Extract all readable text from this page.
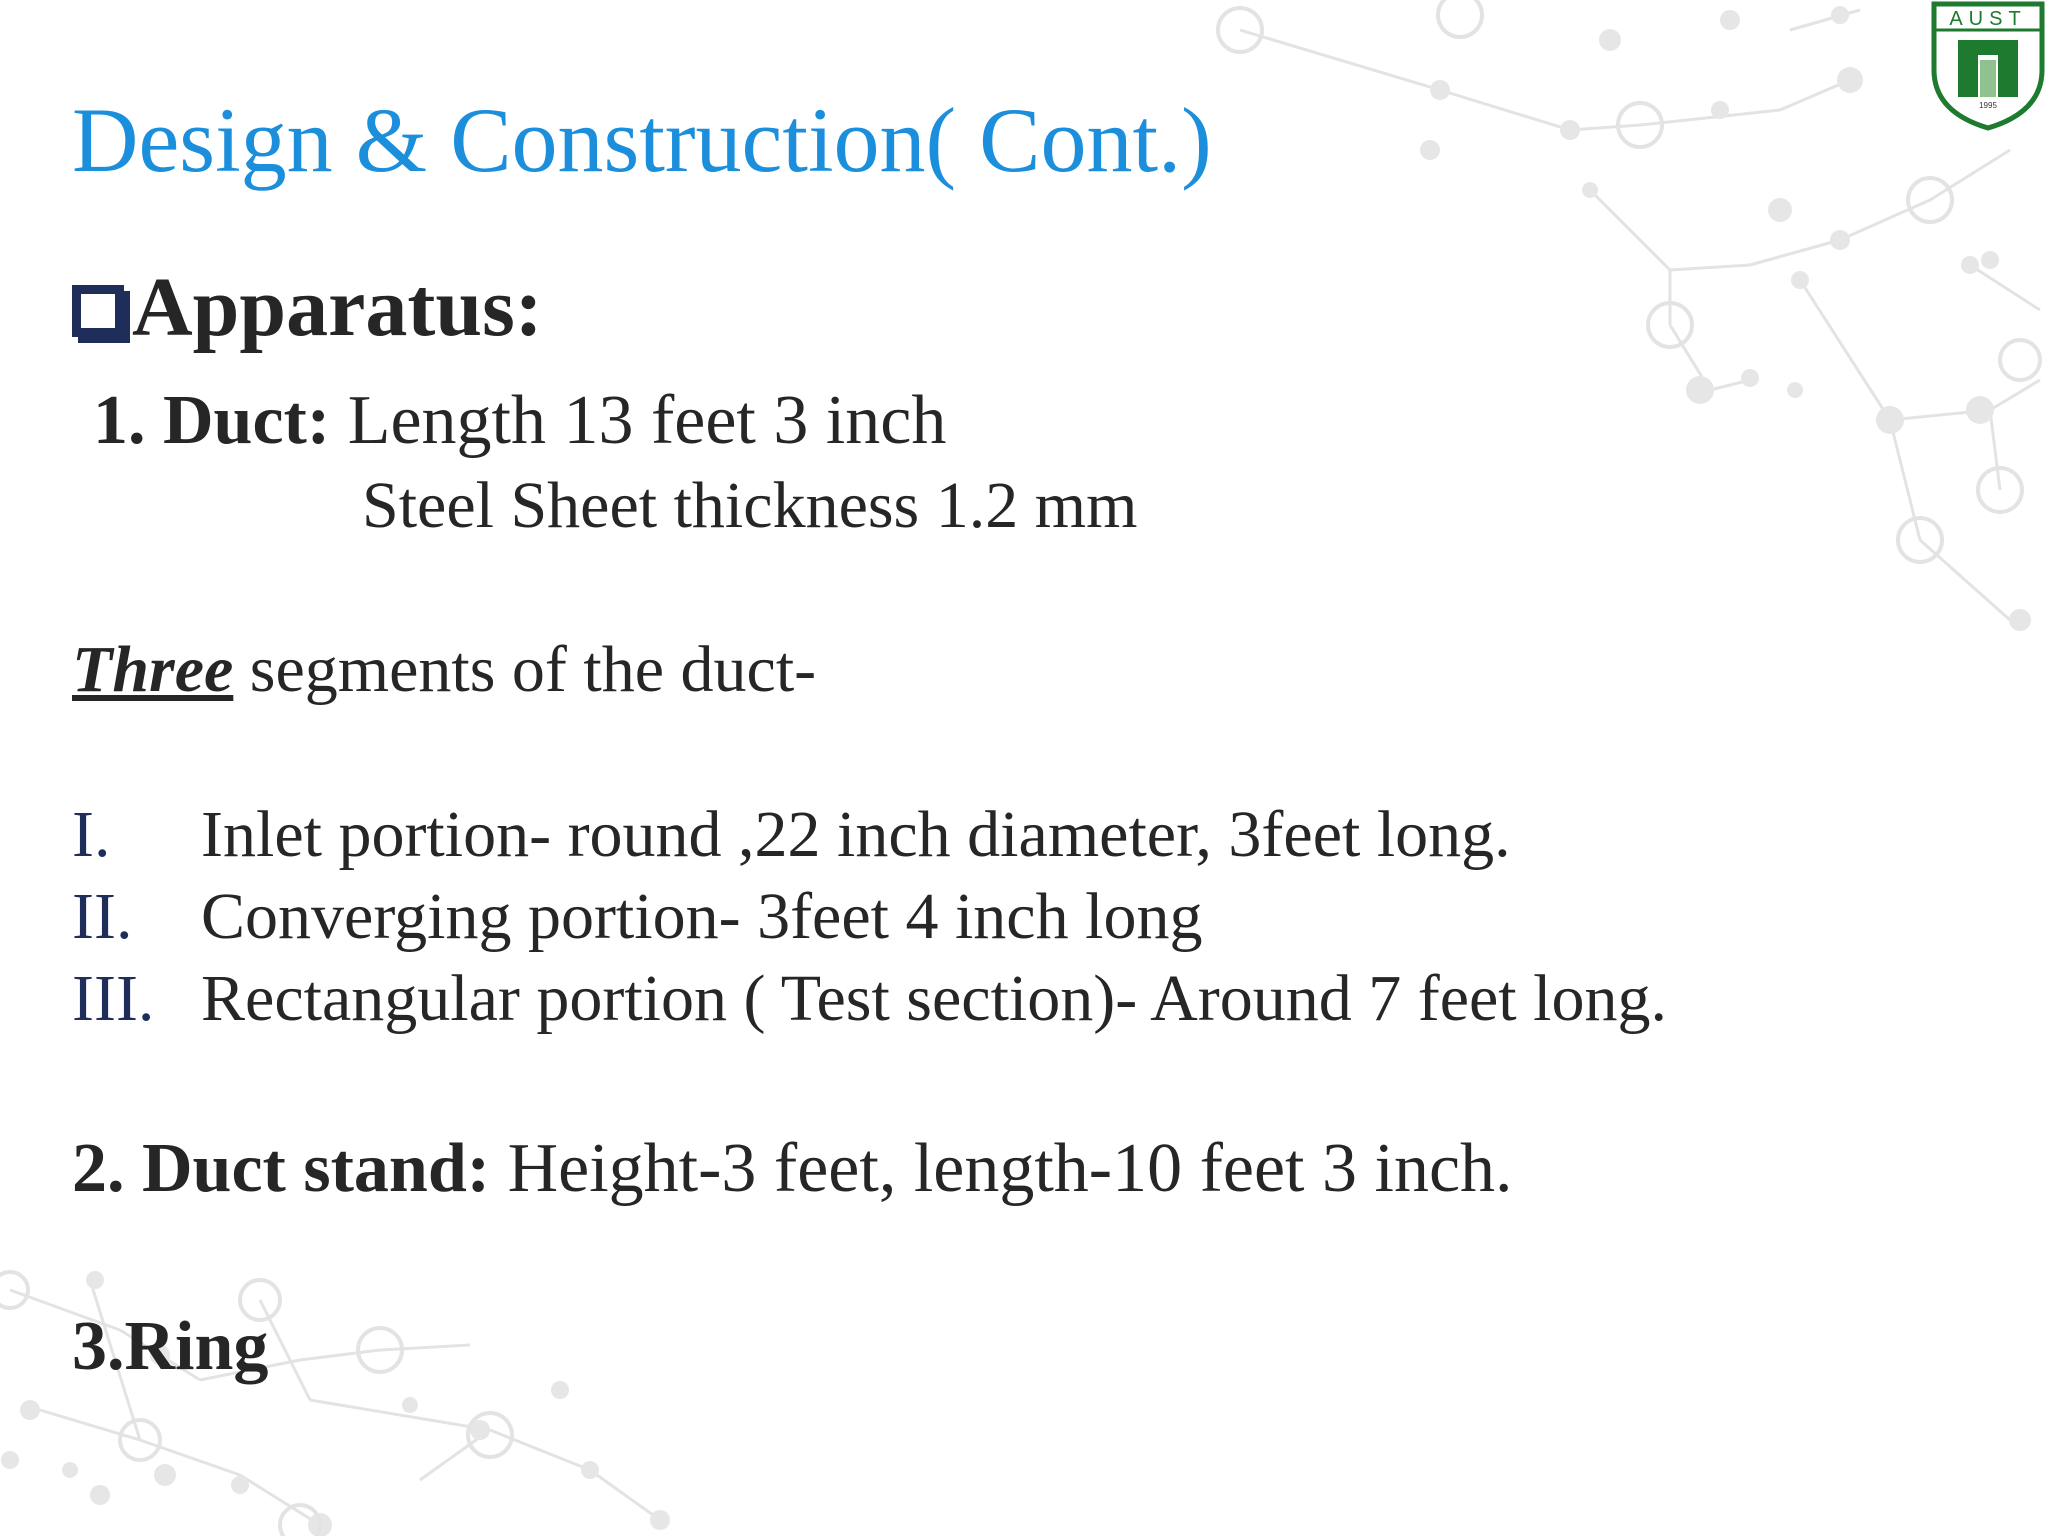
AUST
1995
Design & Construction( Cont.)
Apparatus:
1. Duct: Length 13 feet 3 inch
Steel Sheet thickness 1.2 mm
Three segments of the duct-
I. Inlet portion- round ,22 inch diameter, 3feet long.
II. Converging portion- 3feet 4 inch long
III. Rectangular portion ( Test section)- Around 7 feet long.
2. Duct stand: Height-3 feet, length-10 feet 3 inch.
3.Ring
